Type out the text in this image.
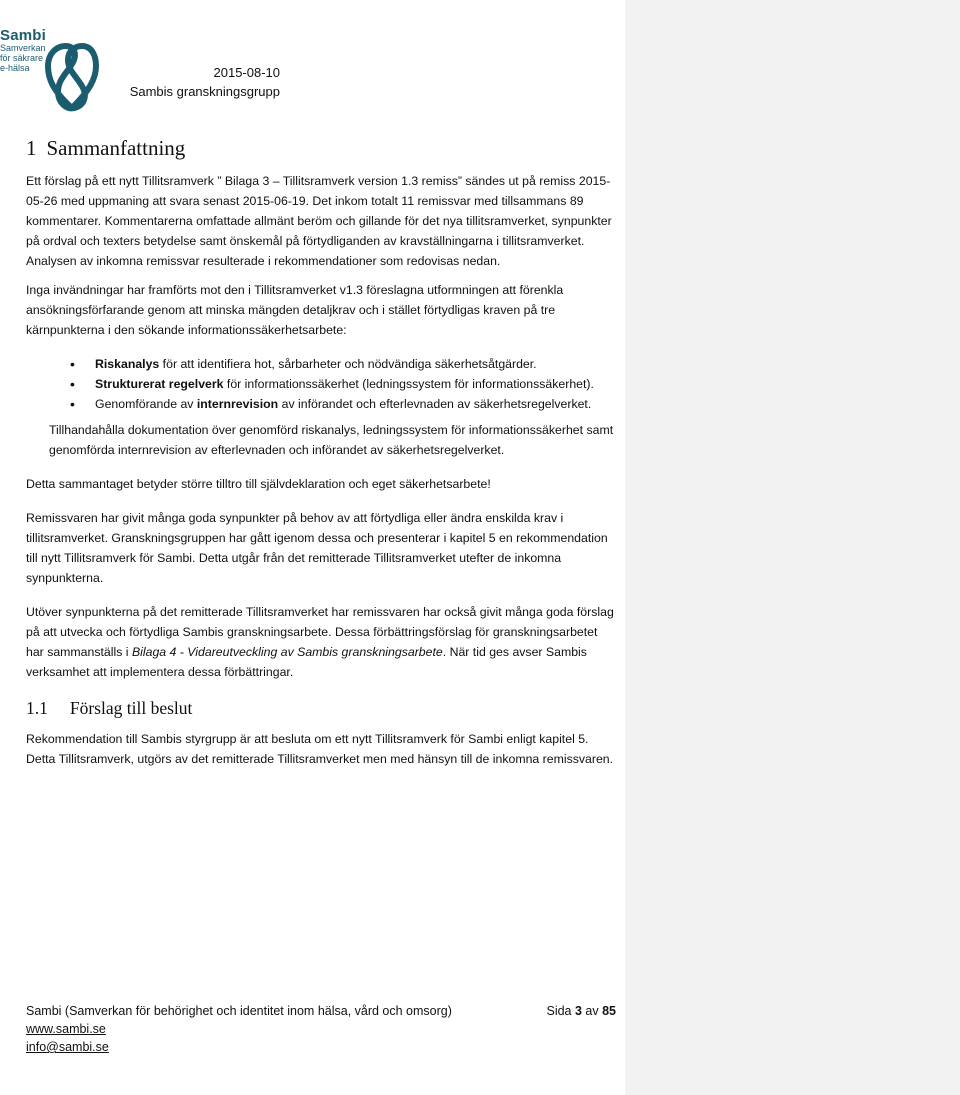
Sambi
Samverkan
för säkrare
e-hälsa	2015-08-10
Sambis granskningsgrupp
1 Sammanfattning

Ett förslag på ett nytt Tillitsramverk ” Bilaga 3 – Tillitsramverk version 1.3 remiss” sändes ut på remiss 2015-05-26 med uppmaning att svara senast 2015-06-19. Det inkom totalt 11 remissvar med tillsammans 89 kommentarer. Kommentarerna omfattade allmänt beröm och gillande för det nya tillitsramverket, synpunkter på ordval och texters betydelse samt önskemål på förtydliganden av kravställningarna i tillitsramverket. Analysen av inkomna remissvar resulterade i rekommendationer som redovisas nedan.

Inga invändningar har framförts mot den i Tillitsramverket v1.3 föreslagna utformningen att förenkla ansökningsförfarande genom att minska mängden detaljkrav och i stället förtydligas kraven på tre kärnpunkterna i den sökande informationssäkerhetsarbete:

• Riskanalys för att identifiera hot, sårbarheter och nödvändiga säkerhetsåtgärder.
• Strukturerat regelverk för informationssäkerhet (ledningssystem för informationssäkerhet).
• Genomförande av internrevision av införandet och efterlevnaden av säkerhetsregelverket.

Tillhandahålla dokumentation över genomförd riskanalys, ledningssystem för informationssäkerhet samt genomförda internrevision av efterlevnaden och införandet av säkerhetsregelverket.

Detta sammantaget betyder större tilltro till självdeklaration och eget säkerhetsarbete!

Remissvaren har givit många goda synpunkter på behov av att förtydliga eller ändra enskilda krav i tillitsramverket. Granskningsgruppen har gått igenom dessa och presenterar i kapitel 5 en rekommendation till nytt Tillitsramverk för Sambi. Detta utgår från det remitterade Tillitsramverket utefter de inkomna synpunkterna.

Utöver synpunkterna på det remitterade Tillitsramverket har remissvaren har också givit många goda förslag på att utvecka och förtydliga Sambis granskningsarbete. Dessa förbättringsförslag för granskningsarbetet har sammanställs i Bilaga 4 - Vidareutveckling av Sambis granskningsarbete. När tid ges avser Sambis verksamhet att implementera dessa förbättringar.

1.1 Förslag till beslut

Rekommendation till Sambis styrgrupp är att besluta om ett nytt Tillitsramverk för Sambi enligt kapitel 5. Detta Tillitsramverk, utgörs av det remitterade Tillitsramverket men med hänsyn till de inkomna remissvaren.

Sambi (Samverkan för behörighet och identitet inom hälsa, vård och omsorg)
www.sambi.se
info@sambi.se
Sida 3 av 85
